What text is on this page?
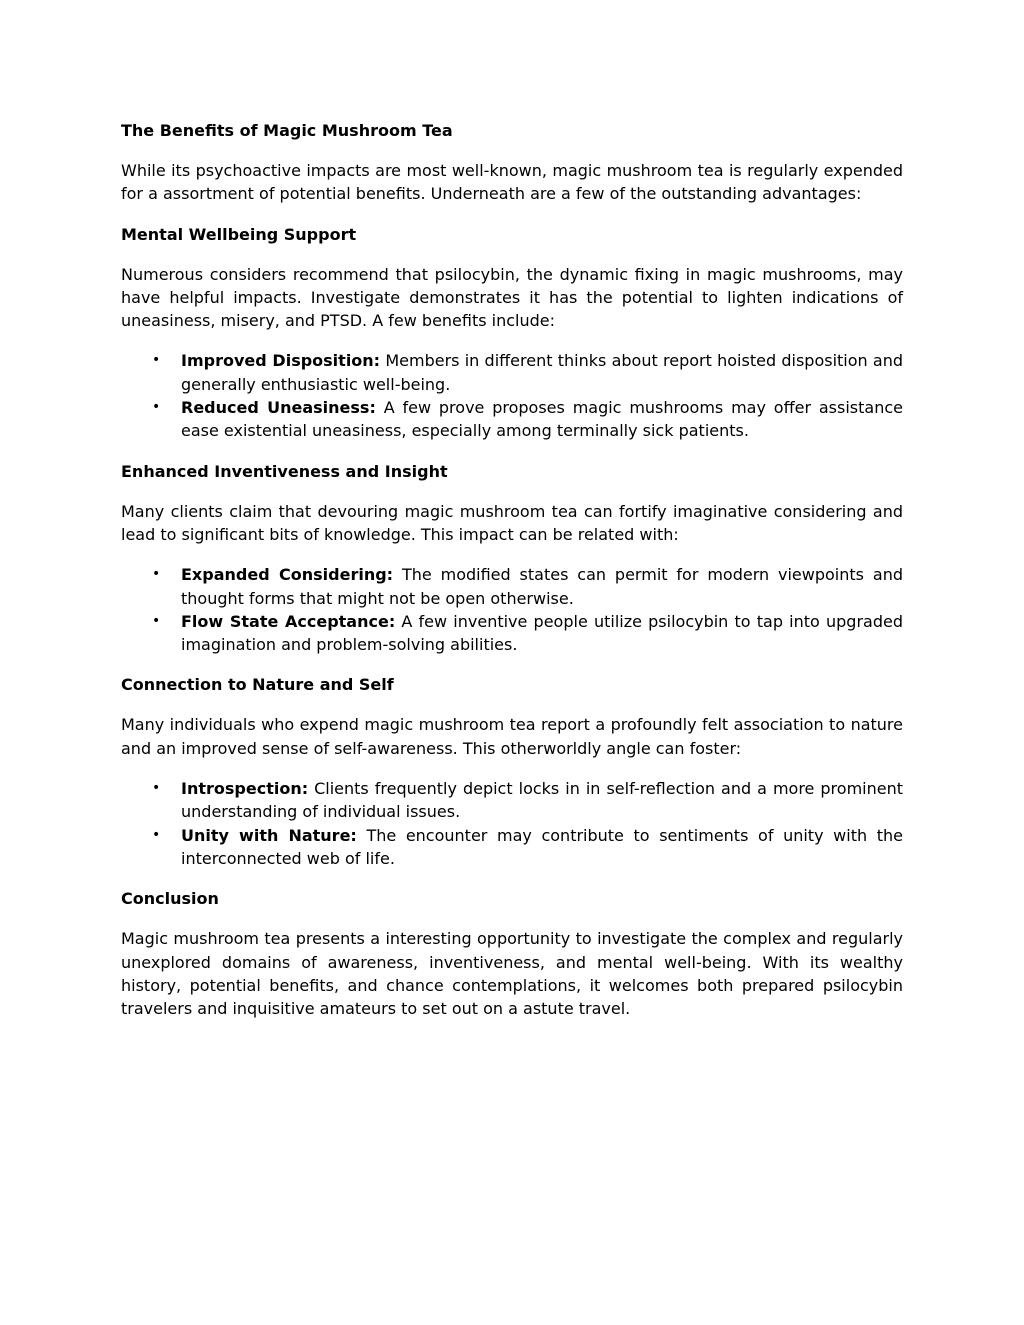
The Benefits of Magic Mushroom Tea

While its psychoactive impacts are most well-known, magic mushroom tea is regularly expended for a assortment of potential benefits. Underneath are a few of the outstanding advantages:

Mental Wellbeing Support

Numerous considers recommend that psilocybin, the dynamic fixing in magic mushrooms, may have helpful impacts. Investigate demonstrates it has the potential to lighten indications of uneasiness, misery, and PTSD. A few benefits include:

• Improved Disposition: Members in different thinks about report hoisted disposition and generally enthusiastic well-being.
• Reduced Uneasiness: A few prove proposes magic mushrooms may offer assistance ease existential uneasiness, especially among terminally sick patients.
Enhanced Inventiveness and Insight

Many clients claim that devouring magic mushroom tea can fortify imaginative considering and lead to significant bits of knowledge. This impact can be related with:

• Expanded Considering: The modified states can permit for modern viewpoints and thought forms that might not be open otherwise.
• Flow State Acceptance: A few inventive people utilize psilocybin to tap into upgraded imagination and problem-solving abilities.
Connection to Nature and Self

Many individuals who expend magic mushroom tea report a profoundly felt association to nature and an improved sense of self-awareness. This otherworldly angle can foster:

• Introspection: Clients frequently depict locks in in self-reflection and a more prominent understanding of individual issues.
• Unity with Nature: The encounter may contribute to sentiments of unity with the interconnected web of life.
Conclusion

Magic mushroom tea presents a interesting opportunity to investigate the complex and regularly unexplored domains of awareness, inventiveness, and mental well-being. With its wealthy history, potential benefits, and chance contemplations, it welcomes both prepared psilocybin travelers and inquisitive amateurs to set out on a astute travel.
